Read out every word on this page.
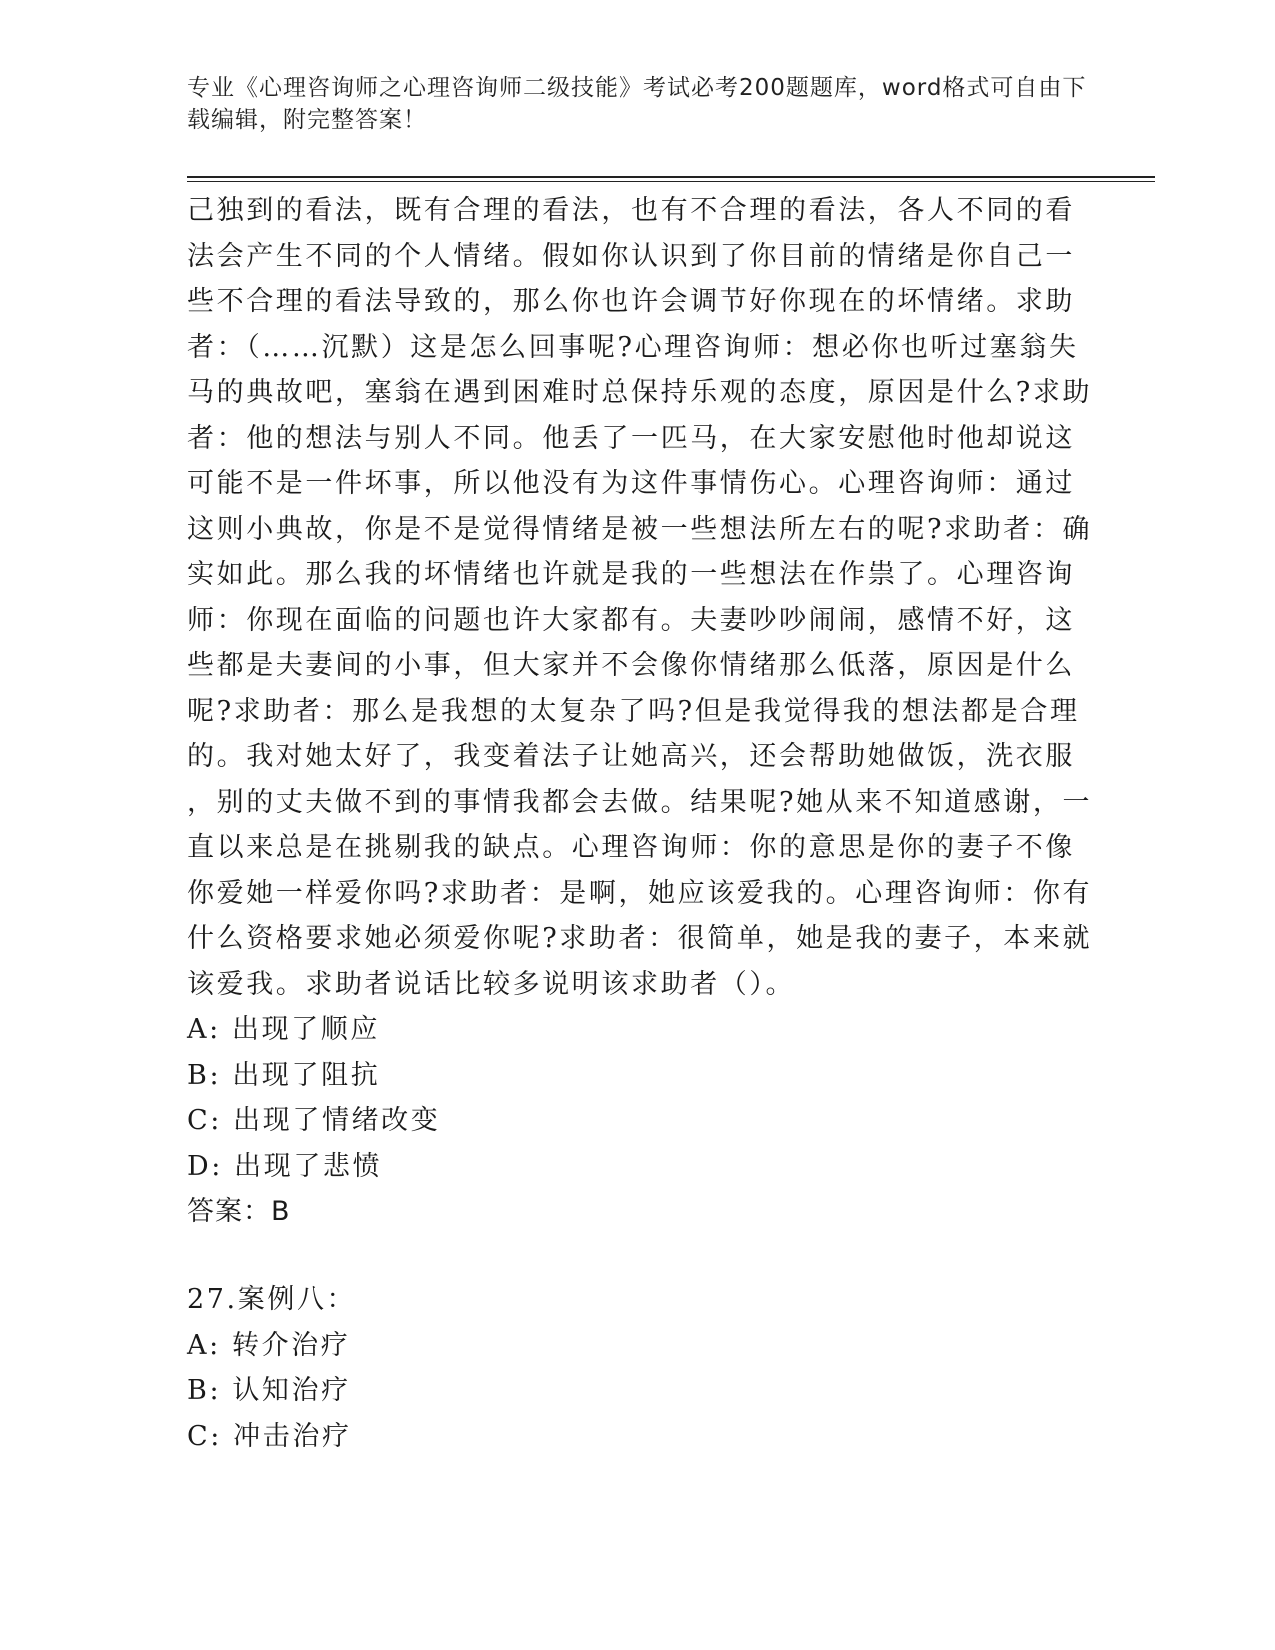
专业《心理咨询师之心理咨询师二级技能》考试必考200题题库，word格式可自由下载编辑，附完整答案！
己独到的看法，既有合理的看法，也有不合理的看法，各人不同的看
法会产生不同的个人情绪。假如你认识到了你目前的情绪是你自己一
些不合理的看法导致的，那么你也许会调节好你现在的坏情绪。求助
者：（……沉默）这是怎么回事呢?心理咨询师：想必你也听过塞翁失
马的典故吧，塞翁在遇到困难时总保持乐观的态度，原因是什么?求助
者：他的想法与别人不同。他丢了一匹马，在大家安慰他时他却说这
可能不是一件坏事，所以他没有为这件事情伤心。心理咨询师：通过
这则小典故，你是不是觉得情绪是被一些想法所左右的呢?求助者：确
实如此。那么我的坏情绪也许就是我的一些想法在作祟了。心理咨询
师：你现在面临的问题也许大家都有。夫妻吵吵闹闹，感情不好，这
些都是夫妻间的小事，但大家并不会像你情绪那么低落，原因是什么
呢?求助者：那么是我想的太复杂了吗?但是我觉得我的想法都是合理
的。我对她太好了，我变着法子让她高兴，还会帮助她做饭，洗衣服
，别的丈夫做不到的事情我都会去做。结果呢?她从来不知道感谢，一
直以来总是在挑剔我的缺点。心理咨询师：你的意思是你的妻子不像
你爱她一样爱你吗?求助者：是啊，她应该爱我的。心理咨询师：你有
什么资格要求她必须爱你呢?求助者：很简单，她是我的妻子，本来就
该爱我。求助者说话比较多说明该求助者（）。
A: 出现了顺应
B: 出现了阻抗
C: 出现了情绪改变
D: 出现了悲愤
答案：B
27.案例八：
A: 转介治疗
B: 认知治疗
C: 冲击治疗
